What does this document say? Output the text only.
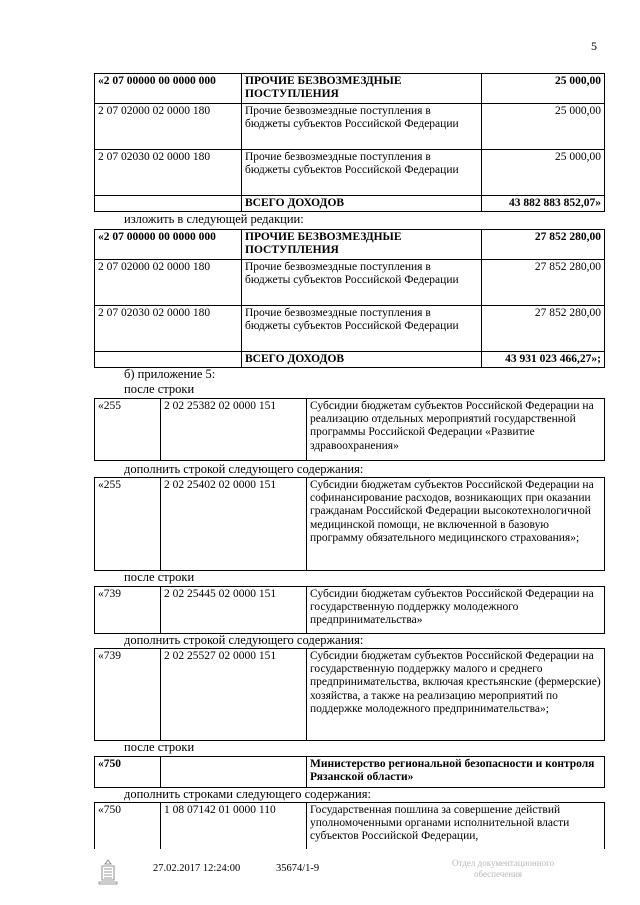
5
«2 07 00000 00 0000 000	ПРОЧИЕ БЕЗВОЗМЕЗДНЫЕ ПОСТУПЛЕНИЯ	25 000,00
2 07 02000 02 0000 180	Прочие безвозмездные поступления в бюджеты субъектов Российской Федерации	25 000,00
2 07 02030 02 0000 180	Прочие безвозмездные поступления в бюджеты субъектов Российской Федерации	25 000,00
	ВСЕГО ДОХОДОВ	43 882 883 852,07»
изложить в следующей редакции:
«2 07 00000 00 0000 000	ПРОЧИЕ БЕЗВОЗМЕЗДНЫЕ ПОСТУПЛЕНИЯ	27 852 280,00
2 07 02000 02 0000 180	Прочие безвозмездные поступления в бюджеты субъектов Российской Федерации	27 852 280,00
2 07 02030 02 0000 180	Прочие безвозмездные поступления в бюджеты субъектов Российской Федерации	27 852 280,00
	ВСЕГО ДОХОДОВ	43 931 023 466,27»;
б) приложение 5:
после строки
«255	2 02 25382 02 0000 151	Субсидии бюджетам субъектов Российской Федерации на реализацию отдельных мероприятий государственной программы Российской Федерации «Развитие здравоохранения»
дополнить строкой следующего содержания:
«255	2 02 25402 02 0000 151	Субсидии бюджетам субъектов Российской Федерации на софинансирование расходов, возникающих при оказании гражданам Российской Федерации высокотехнологичной медицинской помощи, не включенной в базовую программу обязательного медицинского страхования»;
после строки
«739	2 02 25445 02 0000 151	Субсидии бюджетам субъектов Российской Федерации на государственную поддержку молодежного предпринимательства»
дополнить строкой следующего содержания:
«739	2 02 25527 02 0000 151	Субсидии бюджетам субъектов Российской Федерации на государственную поддержку малого и среднего предпринимательства, включая крестьянские (фермерские) хозяйства, а также на реализацию мероприятий по поддержке молодежного предпринимательства»;
после строки
«750		Министерство региональной безопасности и контроля Рязанской области»
дополнить строками следующего содержания:
«750	1 08 07142 01 0000 110	Государственная пошлина за совершение действий уполномоченными органами исполнительной власти субъектов Российской Федерации,
27.02.2017 12:24:00	35674/1-9	Отдел документационного
обеспечения
